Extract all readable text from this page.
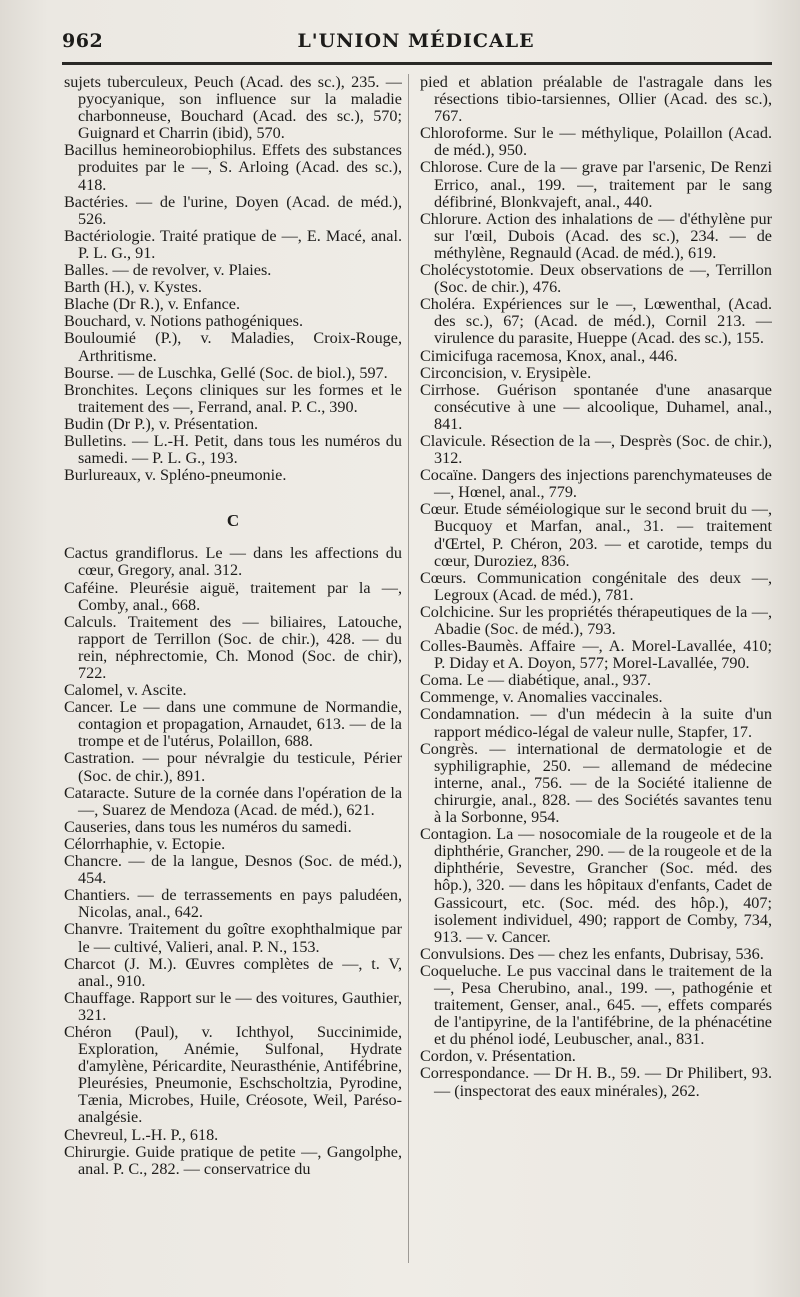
962	L'UNION MÉDICALE

sujets tuberculeux, Peuch (Acad. des sc.), 235. — pyocyanique, son influence sur la maladie charbonneuse, Bouchard (Acad. des sc.), 570; Guignard et Charrin (ibid), 570.

Bacillus hemineorobiophilus. Effets des substances produites par le —, S. Arloing (Acad. des sc.), 418.

Bactéries. — de l'urine, Doyen (Acad. de méd.), 526.

Bactériologie. Traité pratique de —, E. Macé, anal. P. L. G., 91.

Balles. — de revolver, v. Plaies.

Barth (H.), v. Kystes.

Blache (Dr R.), v. Enfance.

Bouchard, v. Notions pathogéniques.

Bouloumié (P.), v. Maladies, Croix-Rouge, Arthritisme.

Bourse. — de Luschka, Gellé (Soc. de biol.), 597.

Bronchites. Leçons cliniques sur les formes et le traitement des —, Ferrand, anal. P. C., 390.

Budin (Dr P.), v. Présentation.

Bulletins. — L.-H. Petit, dans tous les numéros du samedi. — P. L. G., 193.

Burlureaux, v. Spléno-pneumonie.

C

Cactus grandiflorus. Le — dans les affections du cœur, Gregory, anal. 312.

Caféine. Pleurésie aiguë, traitement par la —, Comby, anal., 668.

Calculs. Traitement des — biliaires, Latouche, rapport de Terrillon (Soc. de chir.), 428. — du rein, néphrectomie, Ch. Monod (Soc. de chir), 722.

Calomel, v. Ascite.

Cancer. Le — dans une commune de Normandie, contagion et propagation, Arnaudet, 613. — de la trompe et de l'utérus, Polaillon, 688.

Castration. — pour névralgie du testicule, Périer (Soc. de chir.), 891.

Cataracte. Suture de la cornée dans l'opération de la —, Suarez de Mendoza (Acad. de méd.), 621.

Causeries, dans tous les numéros du samedi.

Célorrhaphie, v. Ectopie.

Chancre. — de la langue, Desnos (Soc. de méd.), 454.

Chantiers. — de terrassements en pays paludéen, Nicolas, anal., 642.

Chanvre. Traitement du goître exophthalmique par le — cultivé, Valieri, anal. P. N., 153.

Charcot (J. M.). Œuvres complètes de —, t. V, anal., 910.

Chauffage. Rapport sur le — des voitures, Gauthier, 321.

Chéron (Paul), v. Ichthyol, Succinimide, Exploration, Anémie, Sulfonal, Hydrate d'amylène, Péricardite, Neurasthénie, Antifébrine, Pleurésies, Pneumonie, Eschscholtzia, Pyrodine, Tænia, Microbes, Huile, Créosote, Weil, Paréso-analgésie.

Chevreul, L.-H. P., 618.

Chirurgie. Guide pratique de petite —, Gangolphe, anal. P. C., 282. — conservatrice du

pied et ablation préalable de l'astragale dans les résections tibio-tarsiennes, Ollier (Acad. des sc.), 767.

Chloroforme. Sur le — méthylique, Polaillon (Acad. de méd.), 950.

Chlorose. Cure de la — grave par l'arsenic, De Renzi Errico, anal., 199. —, traitement par le sang défibriné, Blonkvajeft, anal., 440.

Chlorure. Action des inhalations de — d'éthylène pur sur l'œil, Dubois (Acad. des sc.), 234. — de méthylène, Regnauld (Acad. de méd.), 619.

Cholécystotomie. Deux observations de —, Terrillon (Soc. de chir.), 476.

Choléra. Expériences sur le —, Lœwenthal, (Acad. des sc.), 67; (Acad. de méd.), Cornil 213. — virulence du parasite, Hueppe (Acad. des sc.), 155.

Cimicifuga racemosa, Knox, anal., 446.

Circoncision, v. Erysipèle.

Cirrhose. Guérison spontanée d'une anasarque consécutive à une — alcoolique, Duhamel, anal., 841.

Clavicule. Résection de la —, Desprès (Soc. de chir.), 312.

Cocaïne. Dangers des injections parenchymateuses de —, Hœnel, anal., 779.

Cœur. Etude séméiologique sur le second bruit du —, Bucquoy et Marfan, anal., 31. — traitement d'Œrtel, P. Chéron, 203. — et carotide, temps du cœur, Duroziez, 836.

Cœurs. Communication congénitale des deux —, Legroux (Acad. de méd.), 781.

Colchicine. Sur les propriétés thérapeutiques de la —, Abadie (Soc. de méd.), 793.

Colles-Baumès. Affaire —, A. Morel-Lavallée, 410; P. Diday et A. Doyon, 577; Morel-Lavallée, 790.

Coma. Le — diabétique, anal., 937.

Commenge, v. Anomalies vaccinales.

Condamnation. — d'un médecin à la suite d'un rapport médico-légal de valeur nulle, Stapfer, 17.

Congrès. — international de dermatologie et de syphiligraphie, 250. — allemand de médecine interne, anal., 756. — de la Société italienne de chirurgie, anal., 828. — des Sociétés savantes tenu à la Sorbonne, 954.

Contagion. La — nosocomiale de la rougeole et de la diphthérie, Grancher, 290. — de la rougeole et de la diphthérie, Sevestre, Grancher (Soc. méd. des hôp.), 320. — dans les hôpitaux d'enfants, Cadet de Gassicourt, etc. (Soc. méd. des hôp.), 407; isolement individuel, 490; rapport de Comby, 734, 913. — v. Cancer.

Convulsions. Des — chez les enfants, Dubrisay, 536.

Coqueluche. Le pus vaccinal dans le traitement de la —, Pesa Cherubino, anal., 199. —, pathogénie et traitement, Genser, anal., 645. —, effets comparés de l'antipyrine, de la l'antifébrine, de la phénacétine et du phénol iodé, Leubuscher, anal., 831.

Cordon, v. Présentation.

Correspondance. — Dr H. B., 59. — Dr Philibert, 93. — (inspectorat des eaux minérales), 262.
